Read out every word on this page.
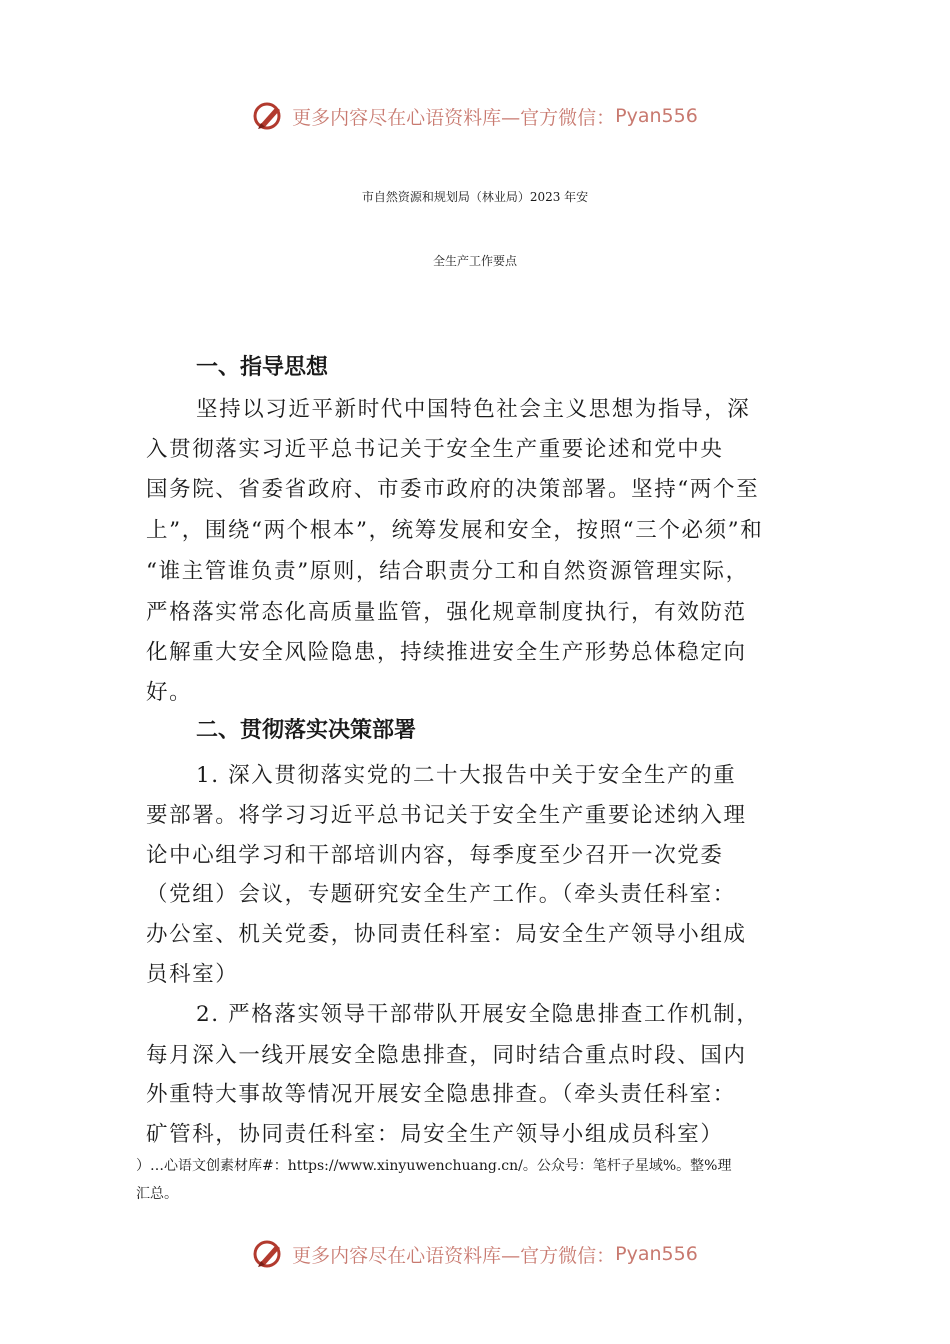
更多内容尽在心语资料库—官方微信： Pyan556
市自然资源和规划局（林业局）2023 年安
全生产工作要点
一、指导思想
坚持以习近平新时代中国特色社会主义思想为指导，深
入贯彻落实习近平总书记关于安全生产重要论述和党中央
国务院、省委省政府、市委市政府的决策部署。坚持“两个至
上”，围绕“两个根本”，统筹发展和安全，按照“三个必须”和
“谁主管谁负责”原则，结合职责分工和自然资源管理实际，
严格落实常态化高质量监管，强化规章制度执行，有效防范
化解重大安全风险隐患，持续推进安全生产形势总体稳定向
好。
二、贯彻落实决策部署
1. 深入贯彻落实党的二十大报告中关于安全生产的重
要部署。将学习习近平总书记关于安全生产重要论述纳入理
论中心组学习和干部培训内容，每季度至少召开一次党委
（党组）会议，专题研究安全生产工作。（牵头责任科室：
办公室、机关党委，协同责任科室：局安全生产领导小组成
员科室）
2. 严格落实领导干部带队开展安全隐患排查工作机制，
每月深入一线开展安全隐患排查，同时结合重点时段、国内
外重特大事故等情况开展安全隐患排查。（牵头责任科室：
矿管科，协同责任科室：局安全生产领导小组成员科室）
）…心语文创素材库#：https://www.xinyuwenchuang.cn/。公众号：笔杆子星域%。整%理
汇总。
更多内容尽在心语资料库—官方微信： Pyan556
